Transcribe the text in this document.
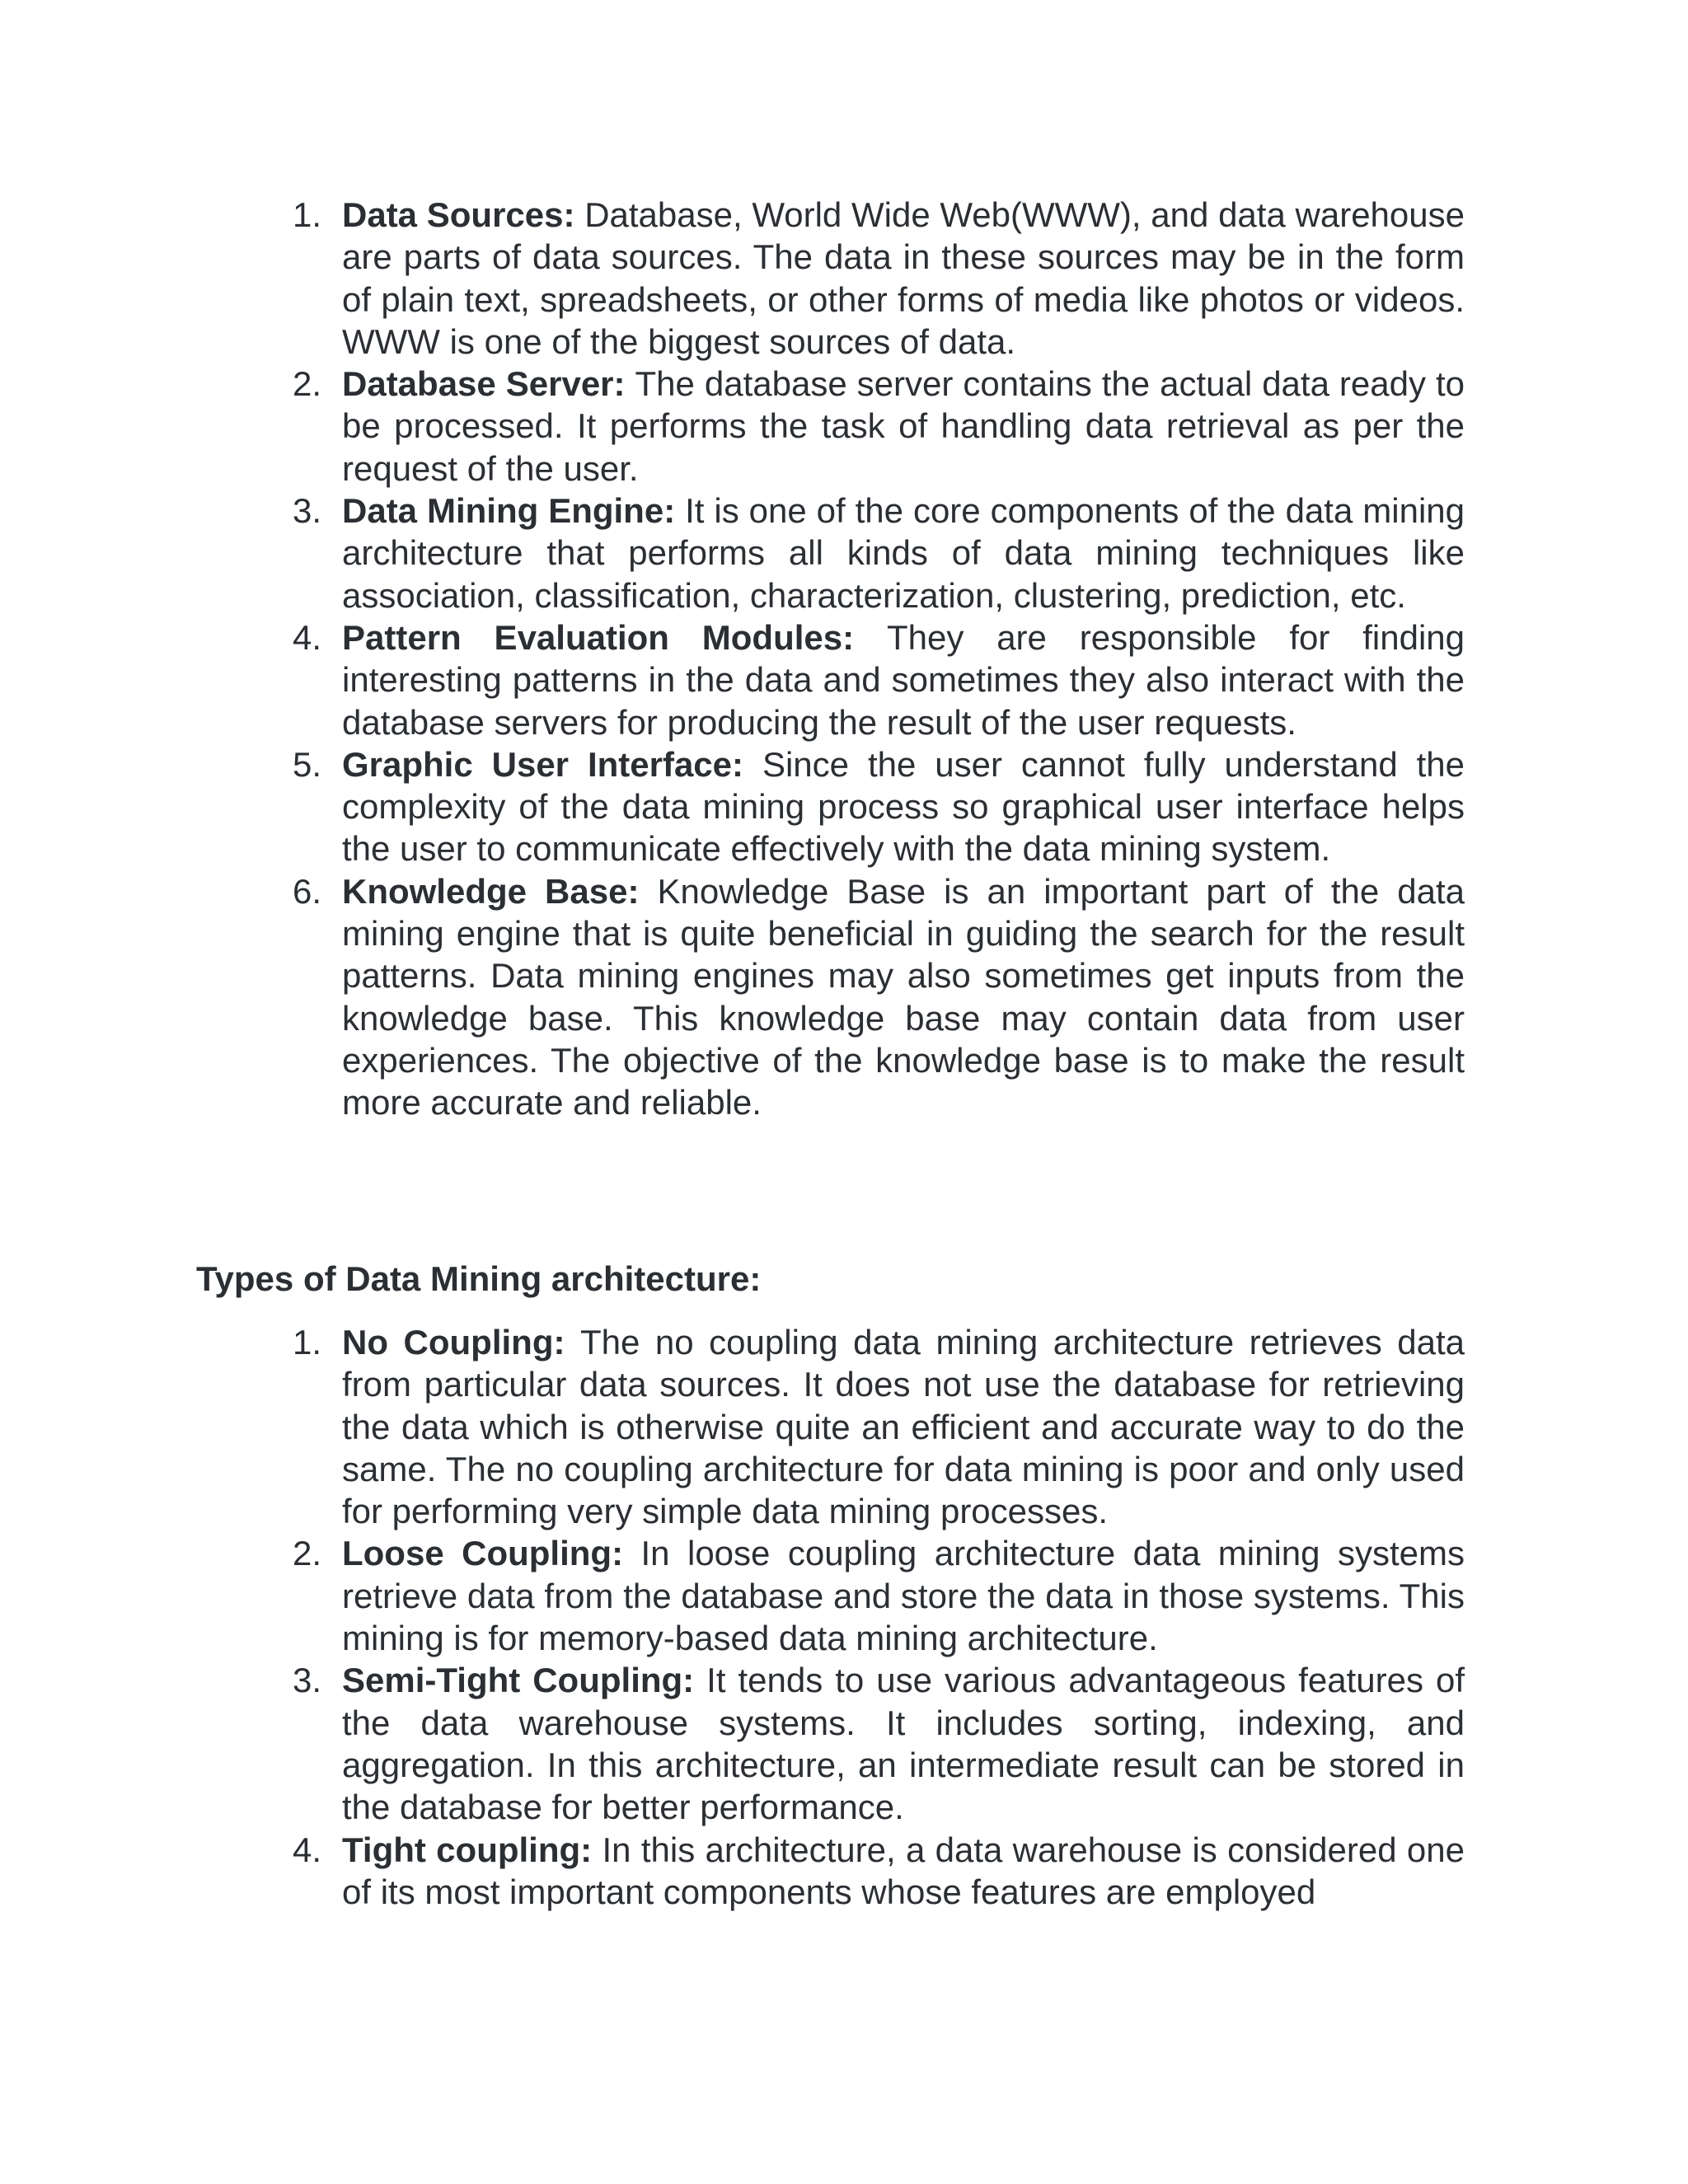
1. Data Sources: Database, World Wide Web(WWW), and data warehouse are parts of data sources. The data in these sources may be in the form of plain text, spreadsheets, or other forms of media like photos or videos. WWW is one of the biggest sources of data.
2. Database Server: The database server contains the actual data ready to be processed. It performs the task of handling data retrieval as per the request of the user.
3. Data Mining Engine: It is one of the core components of the data mining architecture that performs all kinds of data mining techniques like association, classification, characterization, clustering, prediction, etc.
4. Pattern Evaluation Modules: They are responsible for finding interesting patterns in the data and sometimes they also interact with the database servers for producing the result of the user requests.
5. Graphic User Interface: Since the user cannot fully understand the complexity of the data mining process so graphical user interface helps the user to communicate effectively with the data mining system.
6. Knowledge Base: Knowledge Base is an important part of the data mining engine that is quite beneficial in guiding the search for the result patterns. Data mining engines may also sometimes get inputs from the knowledge base. This knowledge base may contain data from user experiences. The objective of the knowledge base is to make the result more accurate and reliable.
Types of Data Mining architecture:
1. No Coupling: The no coupling data mining architecture retrieves data from particular data sources. It does not use the database for retrieving the data which is otherwise quite an efficient and accurate way to do the same. The no coupling architecture for data mining is poor and only used for performing very simple data mining processes.
2. Loose Coupling: In loose coupling architecture data mining systems retrieve data from the database and store the data in those systems. This mining is for memory-based data mining architecture.
3. Semi-Tight Coupling: It tends to use various advantageous features of the data warehouse systems. It includes sorting, indexing, and aggregation. In this architecture, an intermediate result can be stored in the database for better performance.
4. Tight coupling: In this architecture, a data warehouse is considered one of its most important components whose features are employed
